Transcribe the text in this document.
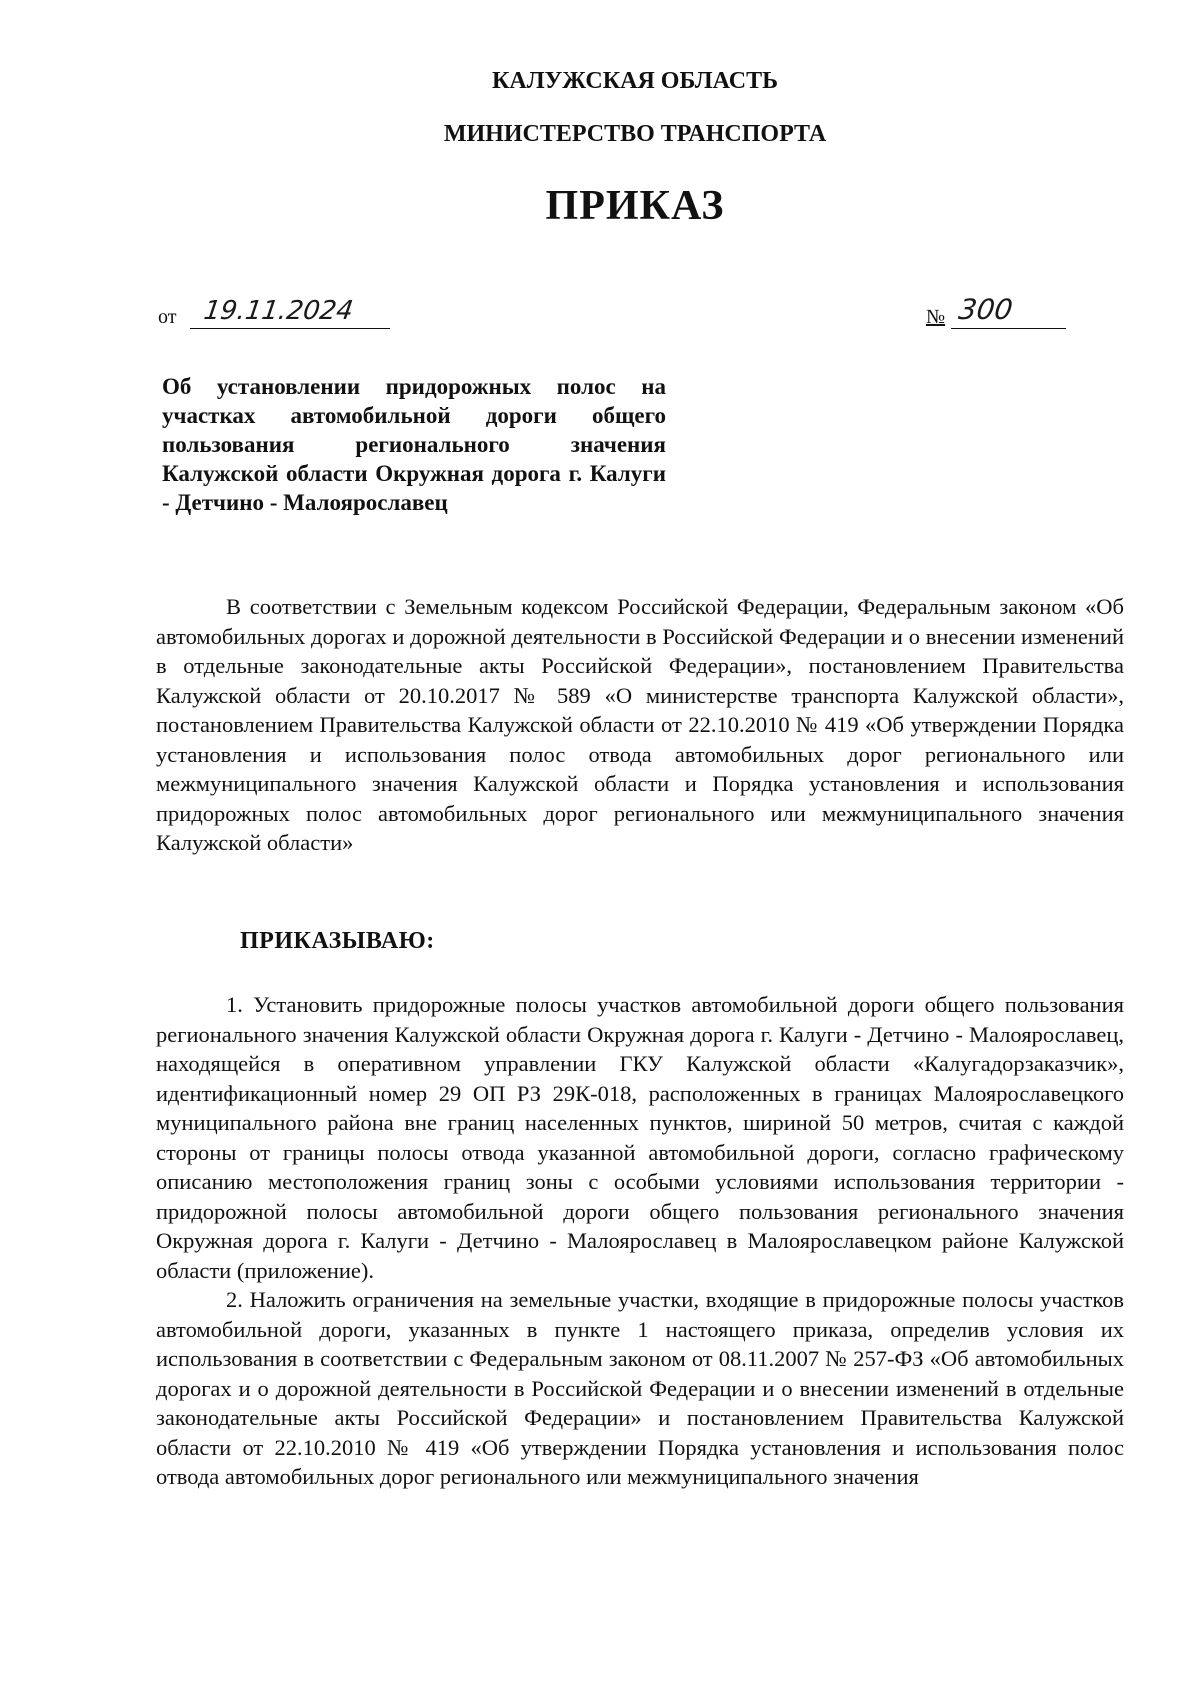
КАЛУЖСКАЯ ОБЛАСТЬ
МИНИСТЕРСТВО ТРАНСПОРТА
ПРИКАЗ
от 19.11.2024	№ 300
Об установлении придорожных полос на участках автомобильной дороги общего пользования регионального значения Калужской области Окружная дорога г. Калуги - Детчино - Малоярославец

В соответствии с Земельным кодексом Российской Федерации, Федеральным законом «Об автомобильных дорогах и дорожной деятельности в Российской Федерации и о внесении изменений в отдельные законодательные акты Российской Федерации», постановлением Правительства Калужской области от 20.10.2017 № 589 «О министерстве транспорта Калужской области», постановлением Правительства Калужской области от 22.10.2010 № 419 «Об утверждении Порядка установления и использования полос отвода автомобильных дорог регионального или межмуниципального значения Калужской области и Порядка установления и использования придорожных полос автомобильных дорог регионального или межмуниципального значения Калужской области»

ПРИКАЗЫВАЮ:

1. Установить придорожные полосы участков автомобильной дороги общего пользования регионального значения Калужской области Окружная дорога г. Калуги - Детчино - Малоярославец, находящейся в оперативном управлении ГКУ Калужской области «Калугадорзаказчик», идентификационный номер 29 ОП РЗ 29К-018, расположенных в границах Малоярославецкого муниципального района вне границ населенных пунктов, шириной 50 метров, считая с каждой стороны от границы полосы отвода указанной автомобильной дороги, согласно графическому описанию местоположения границ зоны с особыми условиями использования территории - придорожной полосы автомобильной дороги общего пользования регионального значения Окружная дорога г. Калуги - Детчино - Малоярославец в Малоярославецком районе Калужской области (приложение).

2. Наложить ограничения на земельные участки, входящие в придорожные полосы участков автомобильной дороги, указанных в пункте 1 настоящего приказа, определив условия их использования в соответствии с Федеральным законом от 08.11.2007 № 257-ФЗ «Об автомобильных дорогах и о дорожной деятельности в Российской Федерации и о внесении изменений в отдельные законодательные акты Российской Федерации» и постановлением Правительства Калужской области от 22.10.2010 № 419 «Об утверждении Порядка установления и использования полос отвода автомобильных дорог регионального или межмуниципального значения
